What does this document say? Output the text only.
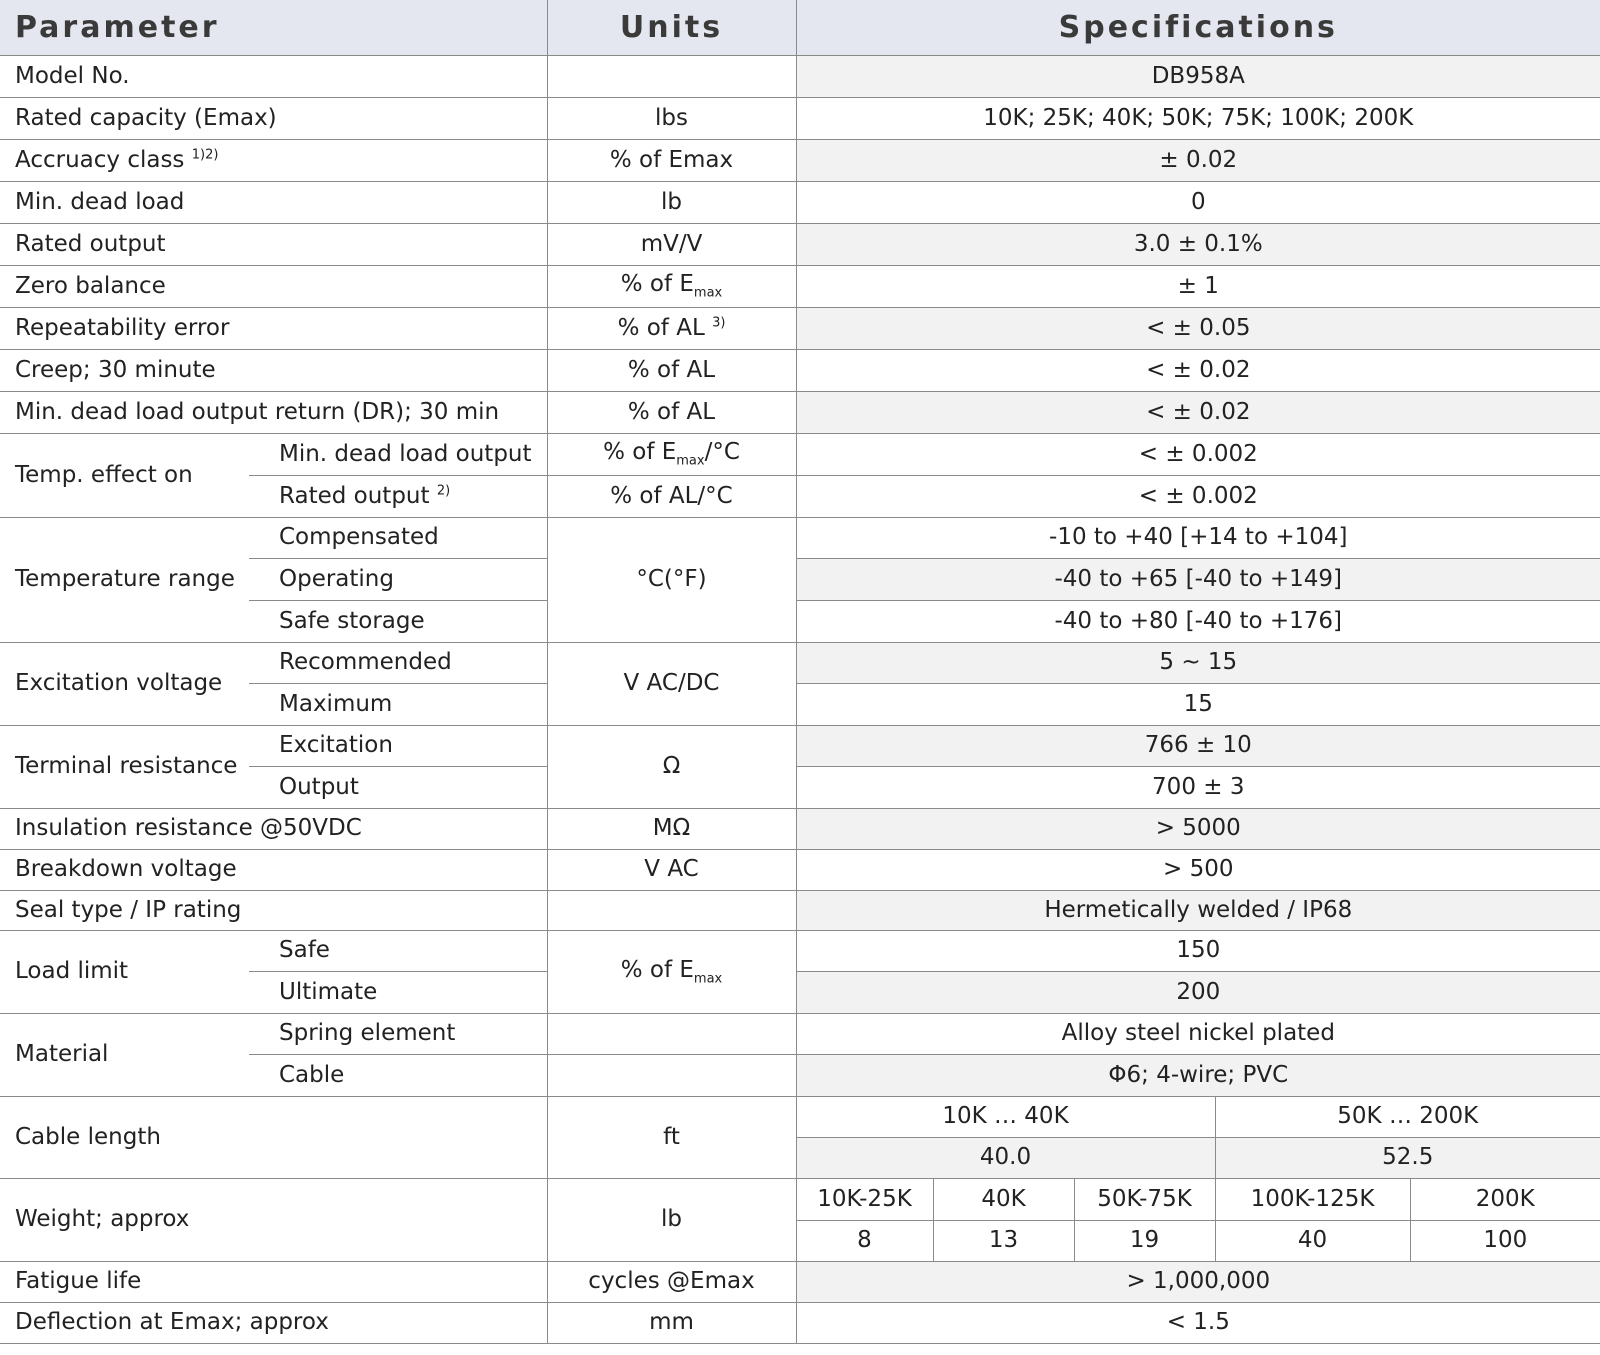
Parameter		Units	Specifications				
Model No.			DB958A				
Rated capacity (Emax)		lbs	10K; 25K; 40K; 50K; 75K; 100K; 200K				
Accruacy class $^{1)2)}$		% of Emax	± 0.02				
Min. dead load		lb	0				
Rated output		mV/V	3.0 ± 0.1%				
Zero balance		% of $E_{max}$	± 1				
Repeatability error		% of AL $^{3)}$	< ± 0.05				
Creep; 30 minute		% of AL	< ± 0.02				
Min. dead load output return (DR); 30 min		% of AL	< ± 0.02				
Temp. effect on	Min. dead load output	% of $E_{max}/^\circ C$	< ± 0.002				
	Rated output $^{2)}$	% of AL/°C	< ± 0.002				
Temperature range	Compensated	°C(°F)	-10 to +40 [+14 to +104]				
	Operating		-40 to +65 [-40 to +149]				
	Safe storage		-40 to +80 [-40 to +176]				
Excitation voltage	Recommended	V AC/DC	5 ~ 15				
	Maximum		15				
Terminal resistance	Excitation	Ω	766 ± 10				
	Output		700 ± 3				
Insulation resistance @50VDC		MΩ	> 5000				
Breakdown voltage		V AC	> 500				
Seal type / IP rating			Hermetically welded / IP68				
Load limit	Safe	% of $E_{max}$	150				
	Ultimate		200				
Material	Spring element		Alloy steel nickel plated				
	Cable		Φ6; 4-wire; PVC				
Cable length		ft	10K … 40K			50K … 200K	
			40.0			52.5	
Weight; approx		lb	10K-25K	40K	50K-75K	100K-125K	200K
			8	13	19	40	100
Fatigue life		cycles @Emax	> 1,000,000				
Deflection at Emax; approx		mm	< 1.5				
